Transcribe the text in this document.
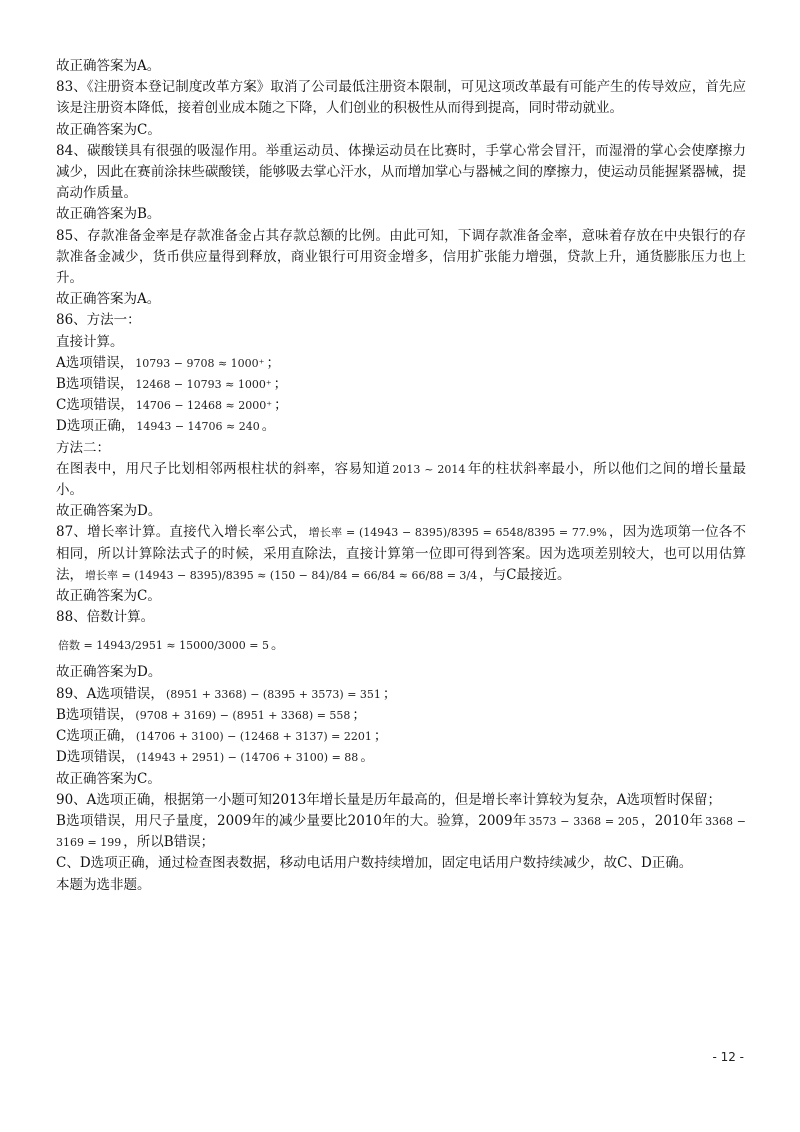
故正确答案为A。
83、《注册资本登记制度改革方案》取消了公司最低注册资本限制，可见这项改革最有可能产生的传导效应，首先应该是注册资本降低，接着创业成本随之下降，人们创业的积极性从而得到提高，同时带动就业。
故正确答案为C。
84、碳酸镁具有很强的吸湿作用。举重运动员、体操运动员在比赛时，手掌心常会冒汗，而湿滑的掌心会使摩擦力减少，因此在赛前涂抹些碳酸镁，能够吸去掌心汗水，从而增加掌心与器械之间的摩擦力，使运动员能握紧器械，提高动作质量。
故正确答案为B。
85、存款准备金率是存款准备金占其存款总额的比例。由此可知，下调存款准备金率，意味着存放在中央银行的存款准备金减少，货币供应量得到释放，商业银行可用资金增多，信用扩张能力增强，贷款上升，通货膨胀压力也上升。
故正确答案为A。
86、方法一：
直接计算。
A选项错误， 10793 − 9708 ≈ 1000⁺ ；
B选项错误， 12468 − 10793 ≈ 1000⁺ ；
C选项错误， 14706 − 12468 ≈ 2000⁺ ；
D选项正确， 14943 − 14706 ≈ 240 。
方法二：
在图表中，用尺子比划相邻两根柱状的斜率，容易知道 2013 ~ 2014 年的柱状斜率最小，所以他们之间的增长量最小。
故正确答案为D。
87、增长率计算。直接代入增长率公式， 增长率 = (14943 − 8395)/8395 = 6548/8395 = 77.9% ，因为选项第一位各不相同，所以计算除法式子的时候，采用直除法，直接计算第一位即可得到答案。因为选项差别较大，也可以用估算法， 增长率 = (14943 − 8395)/8395 ≈ (150 − 84)/84 = 66/84 ≈ 66/88 = 3/4 ，与C最接近。
故正确答案为C。
88、倍数计算。
倍数 = 14943/2951 ≈ 15000/3000 = 5 。
故正确答案为D。
89、A选项错误， (8951 + 3368) − (8395 + 3573) = 351 ；
B选项错误， (9708 + 3169) − (8951 + 3368) = 558 ；
C选项正确， (14706 + 3100) − (12468 + 3137) = 2201 ；
D选项错误， (14943 + 2951) − (14706 + 3100) = 88 。
故正确答案为C。
90、A选项正确，根据第一小题可知2013年增长量是历年最高的，但是增长率计算较为复杂，A选项暂时保留；
B选项错误，用尺子量度，2009年的减少量要比2010年的大。验算，2009年 3573 − 3368 = 205 ，2010年 3368 − 3169 = 199 ，所以B错误；
C、D选项正确，通过检查图表数据，移动电话用户数持续增加，固定电话用户数持续减少，故C、D正确。
本题为选非题。
- 12 -
